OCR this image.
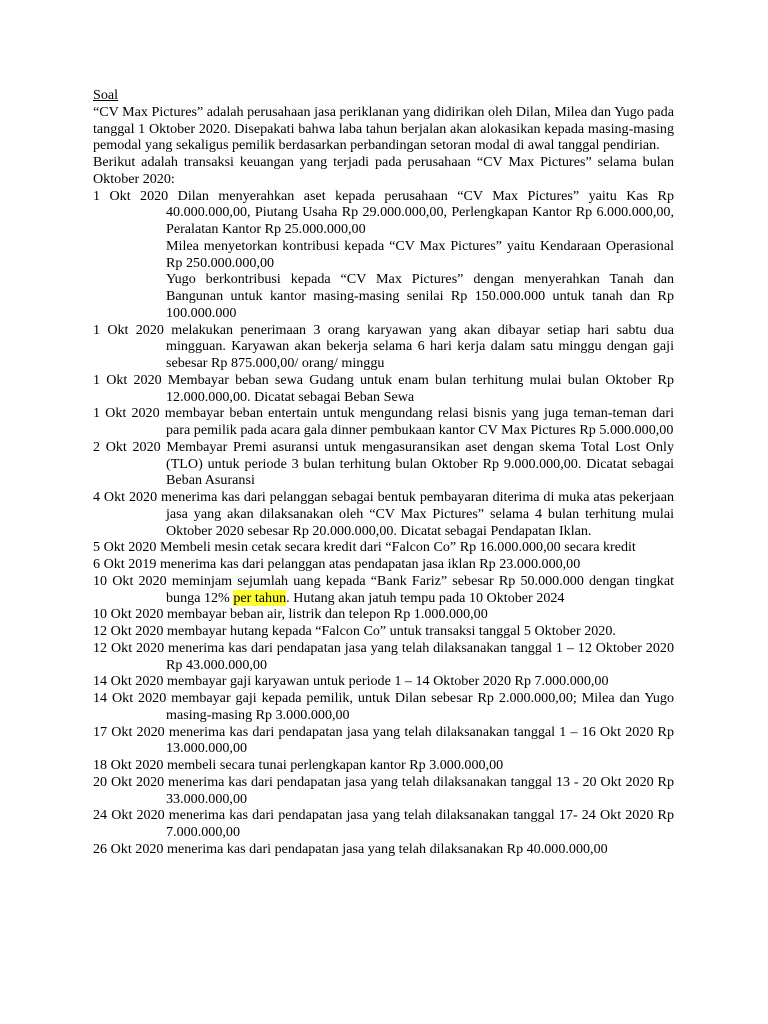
Soal

“CV Max Pictures” adalah perusahaan jasa periklanan yang didirikan oleh Dilan, Milea dan Yugo pada tanggal 1 Oktober 2020. Disepakati bahwa laba tahun berjalan akan alokasikan kepada masing-masing pemodal yang sekaligus pemilik berdasarkan perbandingan setoran modal di awal tanggal pendirian.

Berikut adalah transaksi keuangan yang terjadi pada perusahaan “CV Max Pictures” selama bulan Oktober 2020:

1 Okt 2020 Dilan menyerahkan aset kepada perusahaan “CV Max Pictures” yaitu Kas Rp 40.000.000,00, Piutang Usaha Rp 29.000.000,00, Perlengkapan Kantor Rp 6.000.000,00, Peralatan Kantor Rp 25.000.000,00

Milea menyetorkan kontribusi kepada “CV Max Pictures” yaitu Kendaraan Operasional Rp 250.000.000,00

Yugo berkontribusi kepada “CV Max Pictures” dengan menyerahkan Tanah dan Bangunan untuk kantor masing-masing senilai Rp 150.000.000 untuk tanah dan Rp 100.000.000

1 Okt 2020 melakukan penerimaan 3 orang karyawan yang akan dibayar setiap hari sabtu dua mingguan. Karyawan akan bekerja selama 6 hari kerja dalam satu minggu dengan gaji sebesar Rp 875.000,00/ orang/ minggu

1 Okt 2020 Membayar beban sewa Gudang untuk enam bulan terhitung mulai bulan Oktober Rp 12.000.000,00. Dicatat sebagai Beban Sewa

1 Okt 2020 membayar beban entertain untuk mengundang relasi bisnis yang juga teman-teman dari para pemilik pada acara gala dinner pembukaan kantor CV Max Pictures Rp 5.000.000,00

2 Okt 2020 Membayar Premi asuransi untuk mengasuransikan aset dengan skema Total Lost Only (TLO) untuk periode 3 bulan terhitung bulan Oktober Rp 9.000.000,00. Dicatat sebagai Beban Asuransi

4 Okt 2020 menerima kas dari pelanggan sebagai bentuk pembayaran diterima di muka atas pekerjaan jasa yang akan dilaksanakan oleh “CV Max Pictures” selama 4 bulan terhitung mulai Oktober 2020 sebesar Rp 20.000.000,00. Dicatat sebagai Pendapatan Iklan.

5 Okt 2020 Membeli mesin cetak secara kredit dari “Falcon Co” Rp 16.000.000,00 secara kredit

6 Okt 2019 menerima kas dari pelanggan atas pendapatan jasa iklan Rp 23.000.000,00

10 Okt 2020 meminjam sejumlah uang kepada “Bank Fariz” sebesar Rp 50.000.000 dengan tingkat bunga 12% per tahun. Hutang akan jatuh tempu pada 10 Oktober 2024

10 Okt 2020 membayar beban air, listrik dan telepon Rp 1.000.000,00

12 Okt 2020 membayar hutang kepada “Falcon Co” untuk transaksi tanggal 5 Oktober 2020.

12 Okt 2020 menerima kas dari pendapatan jasa yang telah dilaksanakan tanggal 1 – 12 Oktober 2020 Rp 43.000.000,00

14 Okt 2020 membayar gaji karyawan untuk periode 1 – 14 Oktober 2020 Rp 7.000.000,00

14 Okt 2020 membayar gaji kepada pemilik, untuk Dilan sebesar Rp 2.000.000,00; Milea dan Yugo masing-masing Rp 3.000.000,00

17 Okt 2020 menerima kas dari pendapatan jasa yang telah dilaksanakan tanggal 1 – 16 Okt 2020 Rp 13.000.000,00

18 Okt 2020 membeli secara tunai perlengkapan kantor Rp 3.000.000,00

20 Okt 2020 menerima kas dari pendapatan jasa yang telah dilaksanakan tanggal 13 - 20 Okt 2020 Rp 33.000.000,00

24 Okt 2020 menerima kas dari pendapatan jasa yang telah dilaksanakan tanggal 17- 24 Okt 2020 Rp 7.000.000,00

26 Okt 2020 menerima kas dari pendapatan jasa yang telah dilaksanakan Rp 40.000.000,00
